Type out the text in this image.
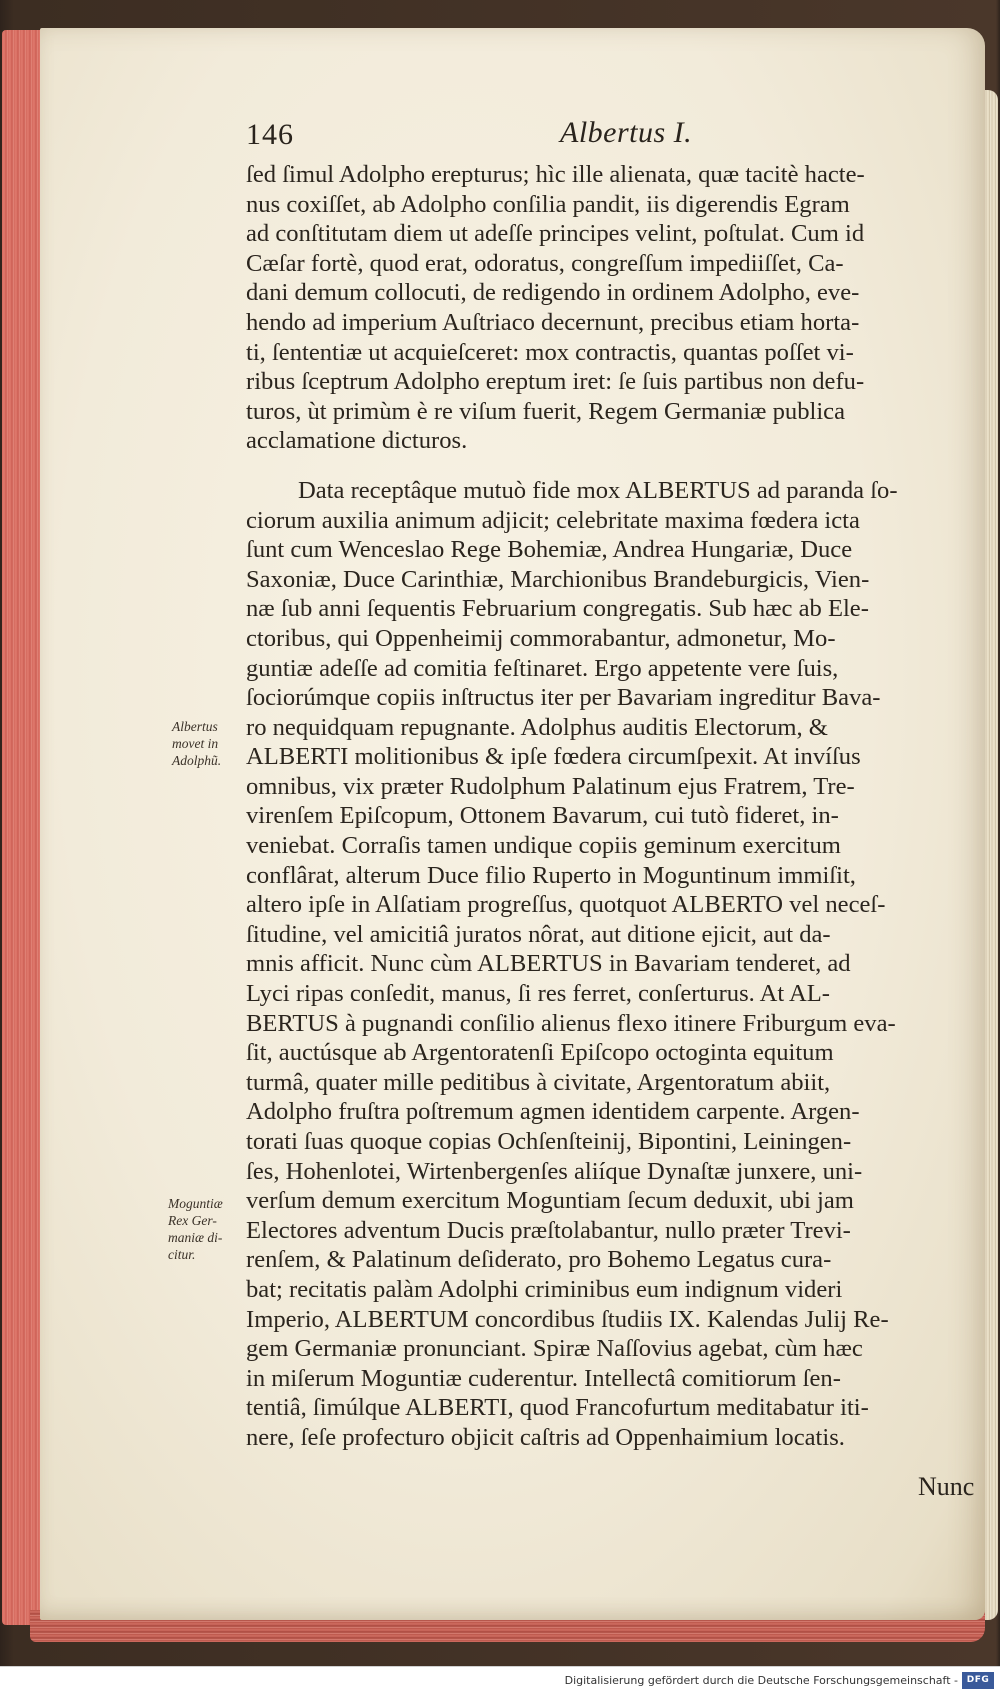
146	Albertus I.
ſed ſimul Adolpho erepturus; hìc ille alienata, quæ tacitè hacte-
nus coxiſſet, ab Adolpho conſilia pandit, iis digerendis Egram
ad conſtitutam diem ut adeſſe principes velint, poſtulat. Cum id
Cæſar fortè, quod erat, odoratus, congreſſum impediiſſet, Ca-
dani demum collocuti, de redigendo in ordinem Adolpho, eve-
hendo ad imperium Auſtriaco decernunt, precibus etiam horta-
ti, ſententiæ ut acquieſceret: mox contractis, quantas poſſet vi-
ribus ſceptrum Adolpho ereptum iret: ſe ſuis partibus non defu-
turos, ùt primùm è re viſum fuerit, Regem Germaniæ publica
acclamatione dicturos.
Data receptâque mutuò fide mox ALBERTUS ad paranda ſo-
ciorum auxilia animum adjicit; celebritate maxima fœdera icta
ſunt cum Wenceslao Rege Bohemiæ, Andrea Hungariæ, Duce
Saxoniæ, Duce Carinthiæ, Marchionibus Brandeburgicis, Vien-
næ ſub anni ſequentis Februarium congregatis. Sub hæc ab Ele-
ctoribus, qui Oppenheimij commorabantur, admonetur, Mo-
guntiæ adeſſe ad comitia feſtinaret. Ergo appetente vere ſuis,
ſociorúmque copiis inſtructus iter per Bavariam ingreditur Bava-
ro nequidquam repugnante. Adolphus auditis Electorum, &
ALBERTI molitionibus & ipſe fœdera circumſpexit. At invíſus
omnibus, vix præter Rudolphum Palatinum ejus Fratrem, Tre-
virenſem Epiſcopum, Ottonem Bavarum, cui tutò fideret, in-
veniebat. Corraſis tamen undique copiis geminum exercitum
conflârat, alterum Duce filio Ruperto in Moguntinum immiſit,
altero ipſe in Alſatiam progreſſus, quotquot ALBERTO vel neceſ-
ſitudine, vel amicitiâ juratos nôrat, aut ditione ejicit, aut da-
mnis afficit. Nunc cùm ALBERTUS in Bavariam tenderet, ad
Lyci ripas conſedit, manus, ſi res ferret, conſerturus. At AL-
BERTUS à pugnandi conſilio alienus flexo itinere Friburgum eva-
ſit, auctúsque ab Argentoratenſi Epiſcopo octoginta equitum
turmâ, quater mille peditibus à civitate, Argentoratum abiit,
Adolpho fruſtra poſtremum agmen identidem carpente. Argen-
torati ſuas quoque copias Ochſenſteinij, Bipontini, Leiningen-
ſes, Hohenlotei, Wirtenbergenſes aliíque Dynaſtæ junxere, uni-
verſum demum exercitum Moguntiam ſecum deduxit, ubi jam
Electores adventum Ducis præſtolabantur, nullo præter Trevi-
renſem, & Palatinum deſiderato, pro Bohemo Legatus cura-
bat; recitatis palàm Adolphi criminibus eum indignum videri
Imperio, ALBERTUM concordibus ſtudiis IX. Kalendas Julij Re-
gem Germaniæ pronunciant. Spiræ Naſſovius agebat, cùm hæc
in miſerum Moguntiæ cuderentur. Intellectâ comitiorum ſen-
tentiâ, ſimúlque ALBERTI, quod Francofurtum meditabatur iti-
nere, ſeſe profecturo objicit caſtris ad Oppenhaimium locatis.
Albertus
movet in
Adolphũ.
Moguntiæ
Rex Ger-
maniæ di-
citur.
Nunc
Digitalisierung gefördert durch die Deutsche Forschungsgemeinschaft - DFG
